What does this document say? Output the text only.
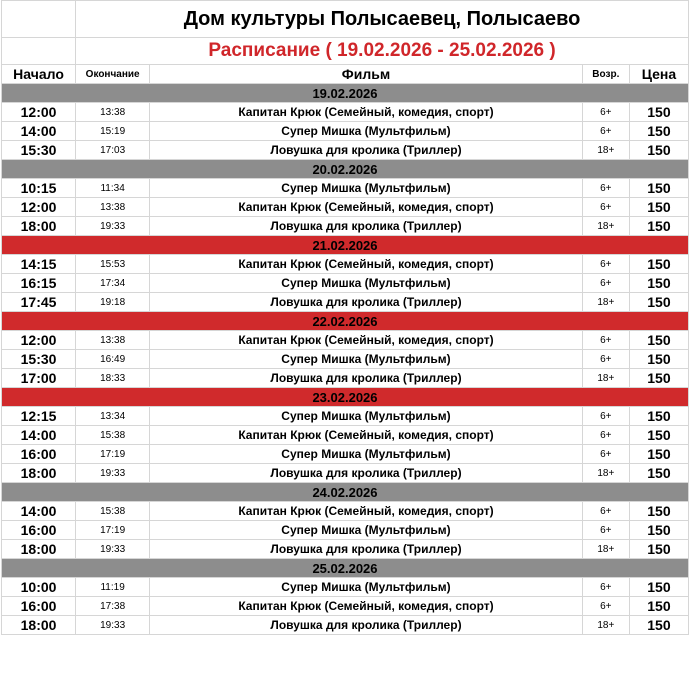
	Дом культуры Полысаевец, Полысаево			
	Расписание ( 19.02.2026 - 25.02.2026 )			
Начало	Окончание	Фильм	Возр.	Цена
19.02.2026				
12:00	13:38	Капитан Крюк (Семейный, комедия, спорт)	6+	150
14:00	15:19	Супер Мишка (Мультфильм)	6+	150
15:30	17:03	Ловушка для кролика (Триллер)	18+	150
20.02.2026				
10:15	11:34	Супер Мишка (Мультфильм)	6+	150
12:00	13:38	Капитан Крюк (Семейный, комедия, спорт)	6+	150
18:00	19:33	Ловушка для кролика (Триллер)	18+	150
21.02.2026				
14:15	15:53	Капитан Крюк (Семейный, комедия, спорт)	6+	150
16:15	17:34	Супер Мишка (Мультфильм)	6+	150
17:45	19:18	Ловушка для кролика (Триллер)	18+	150
22.02.2026				
12:00	13:38	Капитан Крюк (Семейный, комедия, спорт)	6+	150
15:30	16:49	Супер Мишка (Мультфильм)	6+	150
17:00	18:33	Ловушка для кролика (Триллер)	18+	150
23.02.2026				
12:15	13:34	Супер Мишка (Мультфильм)	6+	150
14:00	15:38	Капитан Крюк (Семейный, комедия, спорт)	6+	150
16:00	17:19	Супер Мишка (Мультфильм)	6+	150
18:00	19:33	Ловушка для кролика (Триллер)	18+	150
24.02.2026				
14:00	15:38	Капитан Крюк (Семейный, комедия, спорт)	6+	150
16:00	17:19	Супер Мишка (Мультфильм)	6+	150
18:00	19:33	Ловушка для кролика (Триллер)	18+	150
25.02.2026				
10:00	11:19	Супер Мишка (Мультфильм)	6+	150
16:00	17:38	Капитан Крюк (Семейный, комедия, спорт)	6+	150
18:00	19:33	Ловушка для кролика (Триллер)	18+	150
